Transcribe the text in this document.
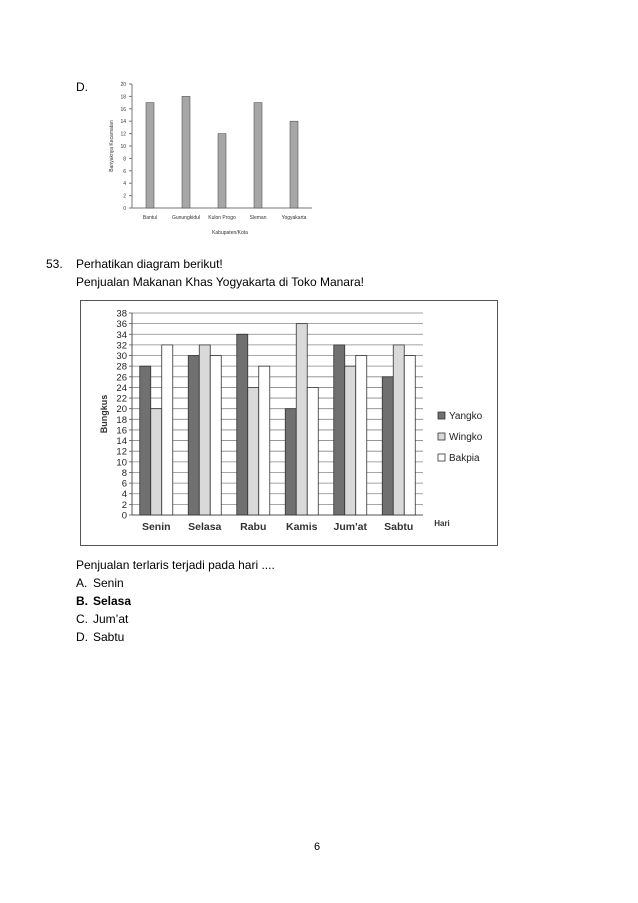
D.
0
2
4
6
8
10
12
14
16
18
20
Bantul	Gunungkidul Kulon Progo	Sleman	Yogyakarta
Kabupaten/Kota
Banyaknya Kecamatan
53. Perhatikan diagram berikut!
Penjualan Makanan Khas Yogyakarta di Toko Manara!
0
2
4
6
8
10
12
14
16
18
20
22
24
26
28
30
32
34
36
38
Senin Selasa Rabu Kamis Jum'at Sabtu	Hari
Bungkus	Yangko
Wingko
Bakpia
Penjualan terlaris terjadi pada hari ....
A. Senin
B. Selasa
C. Jum’at
D. Sabtu
6
